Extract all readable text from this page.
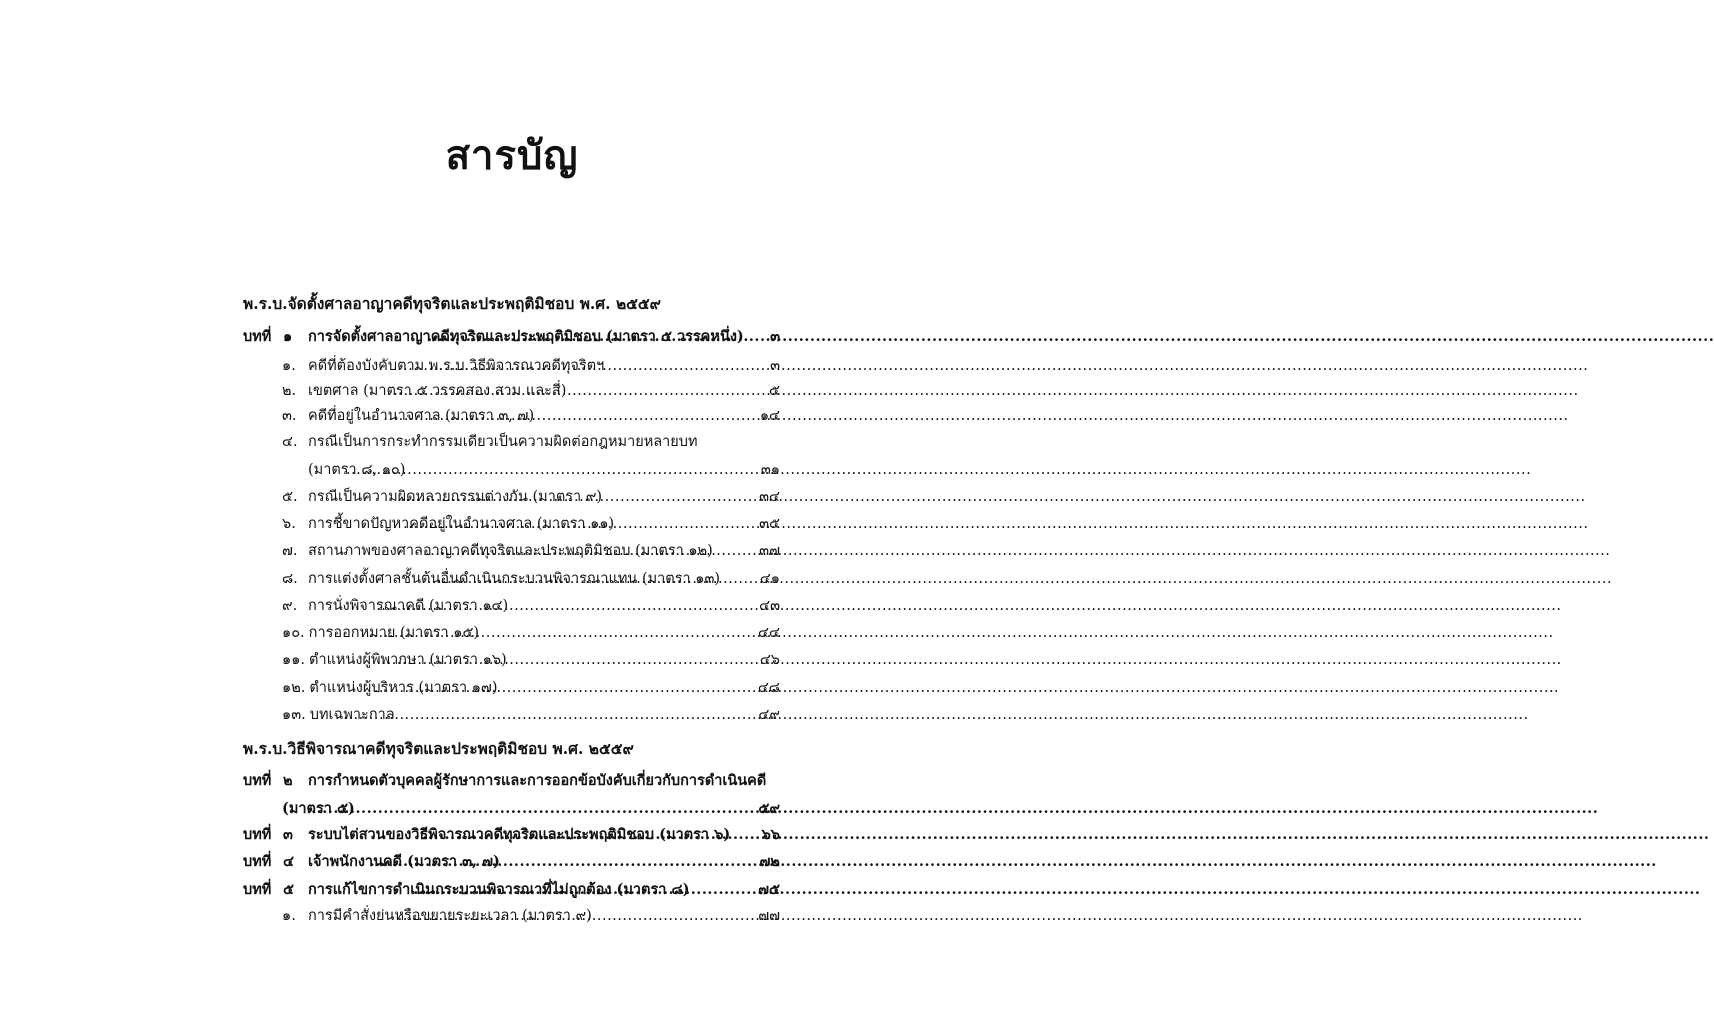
สารบัญ
พ.ร.บ.จัดตั้งศาลอาญาคดีทุจริตและประพฤติมิชอบ พ.ศ. ๒๕๕๙
บทที่ ๑ การจัดตั้งศาลอาญาคดีทุจริตและประพฤติมิชอบ (มาตรา ๕ วรรคหนึ่ง) ..... ๓
๑. คดีที่ต้องบังคับตาม พ.ร.บ.วิธีพิจารณาคดีทุจริตฯ .....	๓
๒. เขตศาล (มาตรา ๕ วรรคสอง สาม และสี่) .....	๕
๓. คดีที่อยู่ในอำนาจศาล (มาตรา ๓, ๗) .....	๑๔
๔. กรณีเป็นการกระทำกรรมเดียวเป็นความผิดต่อกฎหมายหลายบท
(มาตรา ๘, ๑๐) .....	๓๑
๕. กรณีเป็นความผิดหลายกรรมต่างกัน (มาตรา ๙) .....	๓๔
๖. การชี้ขาดปัญหาคดีอยู่ในอำนาจศาล (มาตรา ๑๑) .....	๓๕
๗. สถานภาพของศาลอาญาคดีทุจริตและประพฤติมิชอบ (มาตรา ๑๒) .....	๓๗
๘. การแต่งตั้งศาลชั้นต้นอื่นดำเนินกระบวนพิจารณาแทน (มาตรา ๑๓) .....	๔๑
๙. การนั่งพิจารณาคดี (มาตรา ๑๔) .....	๔๓
๑๐. การออกหมาย (มาตรา ๑๕) .....	๔๔
๑๑. ตำแหน่งผู้พิพากษา (มาตรา ๑๖) .....	๔๖
๑๒. ตำแหน่งผู้บริหาร (มาตรา ๑๗) .....	๔๘
๑๓. บทเฉพาะกาล .....	๔๙
พ.ร.บ.วิธีพิจารณาคดีทุจริตและประพฤติมิชอบ พ.ศ. ๒๕๕๙
บทที่ ๒ การกำหนดตัวบุคคลผู้รักษาการและการออกข้อบังคับเกี่ยวกับการดำเนินคดี
(มาตรา ๕) .....	๕๙
บทที่ ๓ ระบบไต่สวนของวิธีพิจารณาคดีทุจริตและประพฤติมิชอบ (มาตรา ๖) ..... ๖๖
บทที่ ๔ เจ้าพนักงานคดี (มาตรา ๓, ๗) .....	๗๒
บทที่ ๕ การแก้ไขการดำเนินกระบวนพิจารณาที่ไม่ถูกต้อง (มาตรา ๘) .....	๗๕
๑. การมีคำสั่งย่นหรือขยายระยะเวลา (มาตรา ๙) .....	๗๗
